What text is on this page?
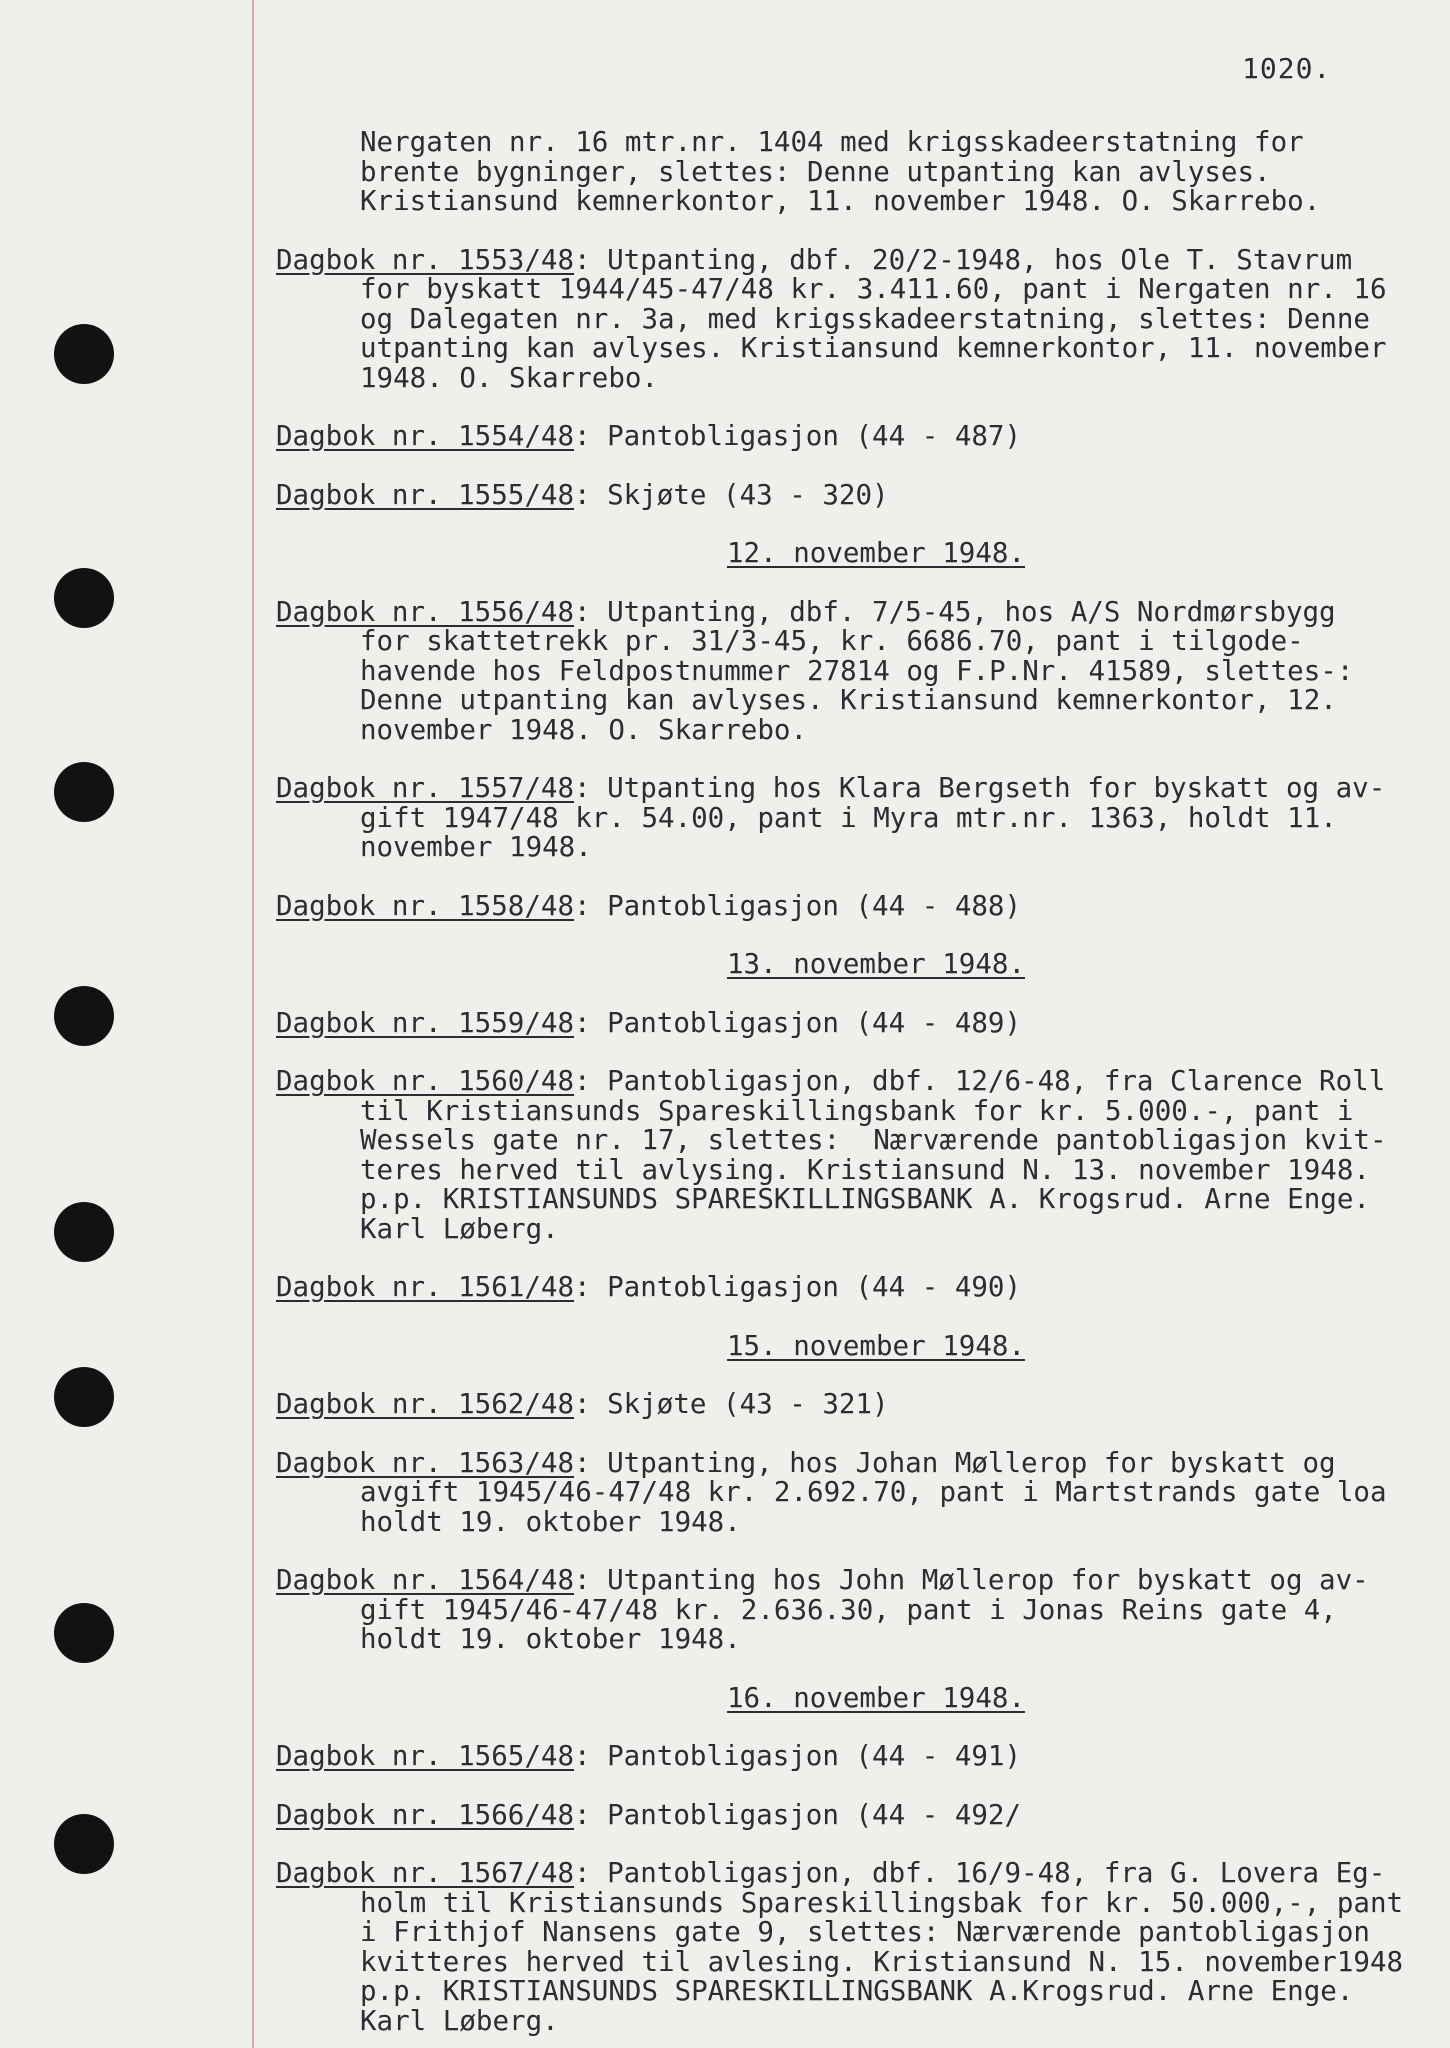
1020.
Nergaten nr. 16 mtr.nr. 1404 med krigsskadeerstatning for
brente bygninger, slettes: Denne utpanting kan avlyses.
Kristiansund kemnerkontor, 11. november 1948. O. Skarrebo.
Dagbok nr. 1553/48: Utpanting, dbf. 20/2-1948, hos Ole T. Stavrum
for byskatt 1944/45-47/48 kr. 3.411.60, pant i Nergaten nr. 16
og Dalegaten nr. 3a, med krigsskadeerstatning, slettes: Denne
utpanting kan avlyses. Kristiansund kemnerkontor, 11. november
1948. O. Skarrebo.
Dagbok nr. 1554/48: Pantobligasjon (44 - 487)
Dagbok nr. 1555/48: Skjøte (43 - 320)
12. november 1948.
Dagbok nr. 1556/48: Utpanting, dbf. 7/5-45, hos A/S Nordmørsbygg
for skattetrekk pr. 31/3-45, kr. 6686.70, pant i tilgode-
havende hos Feldpostnummer 27814 og F.P.Nr. 41589, slettes-:
Denne utpanting kan avlyses. Kristiansund kemnerkontor, 12.
november 1948. O. Skarrebo.
Dagbok nr. 1557/48: Utpanting hos Klara Bergseth for byskatt og av-
gift 1947/48 kr. 54.00, pant i Myra mtr.nr. 1363, holdt 11.
november 1948.
Dagbok nr. 1558/48: Pantobligasjon (44 - 488)
13. november 1948.
Dagbok nr. 1559/48: Pantobligasjon (44 - 489)
Dagbok nr. 1560/48: Pantobligasjon, dbf. 12/6-48, fra Clarence Roll
til Kristiansunds Spareskillingsbank for kr. 5.000.-, pant i
Wessels gate nr. 17, slettes:  Nærværende pantobligasjon kvit-
teres herved til avlysing. Kristiansund N. 13. november 1948.
p.p. KRISTIANSUNDS SPARESKILLINGSBANK A. Krogsrud. Arne Enge.
Karl Løberg.
Dagbok nr. 1561/48: Pantobligasjon (44 - 490)
15. november 1948.
Dagbok nr. 1562/48: Skjøte (43 - 321)
Dagbok nr. 1563/48: Utpanting, hos Johan Møllerop for byskatt og
avgift 1945/46-47/48 kr. 2.692.70, pant i Martstrands gate loa
holdt 19. oktober 1948.
Dagbok nr. 1564/48: Utpanting hos John Møllerop for byskatt og av-
gift 1945/46-47/48 kr. 2.636.30, pant i Jonas Reins gate 4,
holdt 19. oktober 1948.
16. november 1948.
Dagbok nr. 1565/48: Pantobligasjon (44 - 491)
Dagbok nr. 1566/48: Pantobligasjon (44 - 492/
Dagbok nr. 1567/48: Pantobligasjon, dbf. 16/9-48, fra G. Lovera Eg-
holm til Kristiansunds Spareskillingsbak for kr. 50.000,-, pant
i Frithjof Nansens gate 9, slettes: Nærværende pantobligasjon
kvitteres herved til avlesing. Kristiansund N. 15. november1948
p.p. KRISTIANSUNDS SPARESKILLINGSBANK A.Krogsrud. Arne Enge.
Karl Løberg.
